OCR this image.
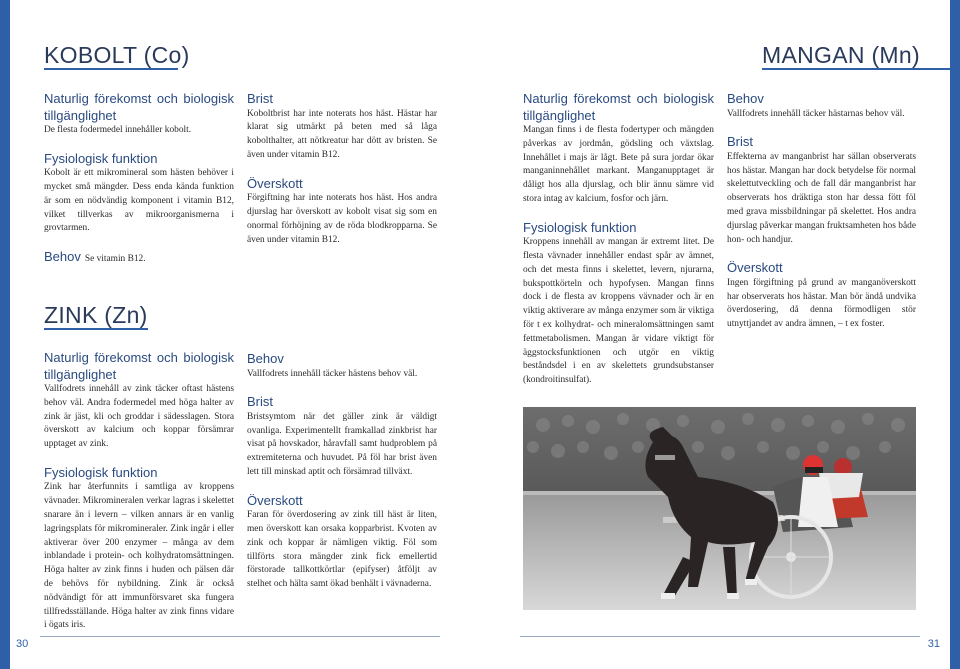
KOBOLT (Co)
Naturlig förekomst och biologisk tillgänglighet

De flesta fodermedel innehåller kobolt.

Fysiologisk funktion

Kobolt är ett mikromineral som hästen behöver i mycket små mängder. Dess enda kända funktion är som en nödvändig komponent i vitamin B12, vilket tillverkas av mikroorganismerna i grovtarmen.

Behov Se vitamin B12.

ZINK (Zn)
Naturlig förekomst och biologisk tillgänglighet

Vallfodrets innehåll av zink täcker oftast hästens behov väl. Andra fodermedel med höga halter av zink är jäst, kli och groddar i sädesslagen. Stora överskott av kalcium och koppar försämrar upptaget av zink.

Fysiologisk funktion

Zink har återfunnits i samtliga av kroppens vävnader. Mikromineralen verkar lagras i skelettet snarare än i levern – vilken annars är en vanlig lagringsplats för mikromineraler. Zink ingår i eller aktiverar över 200 enzymer – många av dem inblandade i protein- och kolhydratomsättningen. Höga halter av zink finns i huden och pälsen där de behövs för nybildning. Zink är också nödvändigt för att immunförsvaret ska fungera tillfredsställande. Höga halter av zink finns vidare i ögats iris.

Brist

Koboltbrist har inte noterats hos häst. Hästar har klarat sig utmärkt på beten med så låga kobolthalter, att nötkreatur har dött av bristen. Se även under vitamin B12.

Överskott

Förgiftning har inte noterats hos häst. Hos andra djurslag har överskott av kobolt visat sig som en onormal förhöjning av de röda blodkropparna. Se även under vitamin B12.

Behov

Vallfodrets innehåll täcker hästens behov väl.

Brist

Bristsymtom när det gäller zink är väldigt ovanliga. Experimentellt framkallad zinkbrist har visat på hovskador, håravfall samt hudproblem på extremiteterna och huvudet. På föl har brist även lett till minskad aptit och försämrad tillväxt.

Överskott

Faran för överdosering av zink till häst är liten, men överskott kan orsaka kopparbrist. Kvoten av zink och koppar är nämligen viktig. Föl som tillförts stora mängder zink fick emellertid förstorade tallkottkörtlar (epifyser) åtföljt av stelhet och hälta samt ökad benhält i vävnaderna.

MANGAN (Mn)
Naturlig förekomst och biologisk tillgänglighet

Mangan finns i de flesta fodertyper och mängden påverkas av jordmån, gödsling och växtslag. Innehållet i majs är lågt. Bete på sura jordar ökar manganinnehållet markant. Manganupptaget är dåligt hos alla djurslag, och blir ännu sämre vid stora intag av kalcium, fosfor och järn.

Fysiologisk funktion

Kroppens innehåll av mangan är extremt litet. De flesta vävnader innehåller endast spår av ämnet, och det mesta finns i skelettet, levern, njurarna, bukspottkörteln och hypofysen. Mangan finns dock i de flesta av kroppens vävnader och är en viktig aktiverare av många enzymer som är viktiga för t ex kolhydrat- och mineralomsättningen samt fettmetabolismen. Mangan är vidare viktigt för äggstocksfunktionen och utgör en viktig beståndsdel i en av skelettets grundsubstanser (kondroitinsulfat).

Behov

Vallfodrets innehåll täcker hästarnas behov väl.

Brist

Effekterna av manganbrist har sällan observerats hos hästar. Mangan har dock betydelse för normal skelettutveckling och de fall där manganbrist har observerats hos dräktiga ston har dessa fött föl med grava missbildningar på skelettet. Hos andra djurslag påverkar mangan fruktsamheten hos både hon- och handjur.

Överskott

Ingen förgiftning på grund av manganöverskott har observerats hos hästar. Man bör ändå undvika överdosering, då denna förmodligen stör utnyttjandet av andra ämnen, – t ex foster.

30	31
